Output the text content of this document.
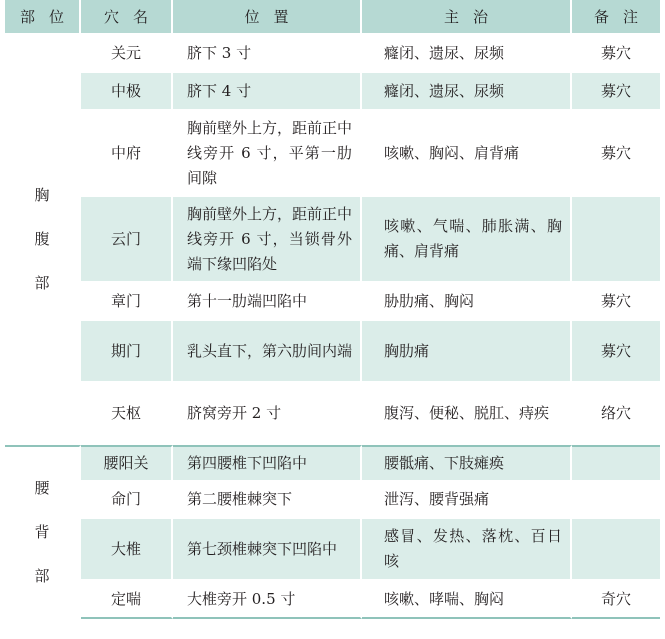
部位	穴名	位置	主治	备注
胸腹部	关元	脐下 3 寸	癃闭、遗尿、尿频	募穴
	中极	脐下 4 寸	癃闭、遗尿、尿频	募穴
	中府	胸前壁外上方，距前正中线旁开 6 寸，平第一肋间隙	咳嗽、胸闷、肩背痛	募穴
	云门	胸前壁外上方，距前正中线旁开 6 寸，当锁骨外端下缘凹陷处	咳嗽、气喘、肺胀满、胸痛、肩背痛	
	章门	第十一肋端凹陷中	胁肋痛、胸闷	募穴
	期门	乳头直下，第六肋间内端	胸肋痛	募穴
	天枢	脐窝旁开 2 寸	腹泻、便秘、脱肛、痔疾	络穴
腰背部	腰阳关	第四腰椎下凹陷中	腰骶痛、下肢瘫痪	
	命门	第二腰椎棘突下	泄泻、腰背强痛	
	大椎	第七颈椎棘突下凹陷中	感冒、发热、落枕、百日咳	
	定喘	大椎旁开 0.5 寸	咳嗽、哮喘、胸闷	奇穴
